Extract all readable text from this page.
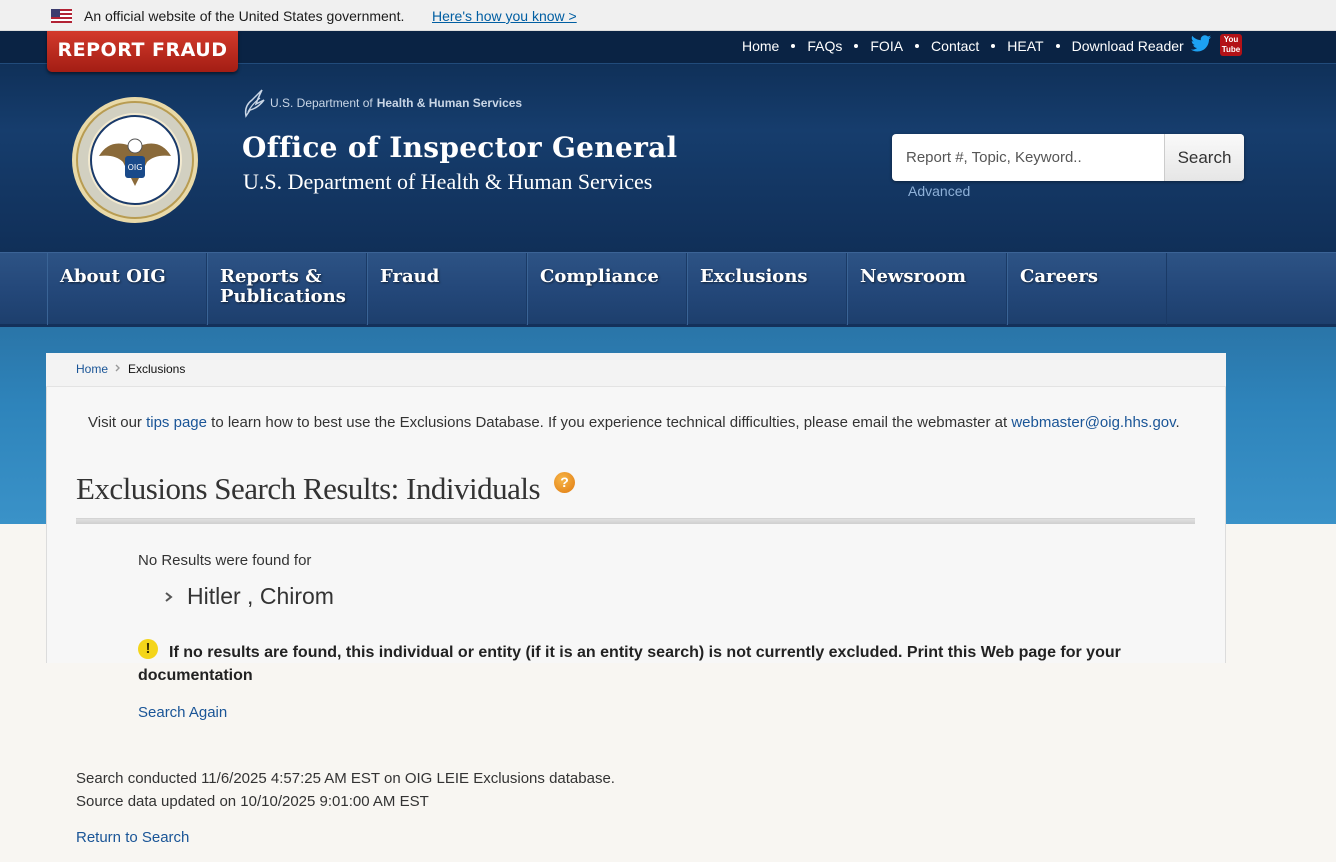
An official website of the United States government. Here's how you know >
REPORT FRAUD	Home FAQs FOIA Contact HEAT Download Reader	You
Tube
OIG
U.S. Department of Health & Human Services
Office of Inspector General
U.S. Department of Health & Human Services
Report #, Topic, Keyword..
Search
Advanced
About OIG	Reports & Publications
Fraud	Compliance	Exclusions	Newsroom	Careers
Home Exclusions
Visit our tips page to learn how to best use the Exclusions Database. If you experience technical difficulties, please email the webmaster at webmaster@oig.hhs.gov.
Exclusions Search Results: Individuals	?
No Results were found for
Hitler , Chirom
If no results are found, this individual or entity (if it is an entity search) is not currently excluded. Print this Web page for your documentation
!
Search Again
Search conducted 11/6/2025 4:57:25 AM EST on OIG LEIE Exclusions database.
Source data updated on 10/10/2025 9:01:00 AM EST
Return to Search
